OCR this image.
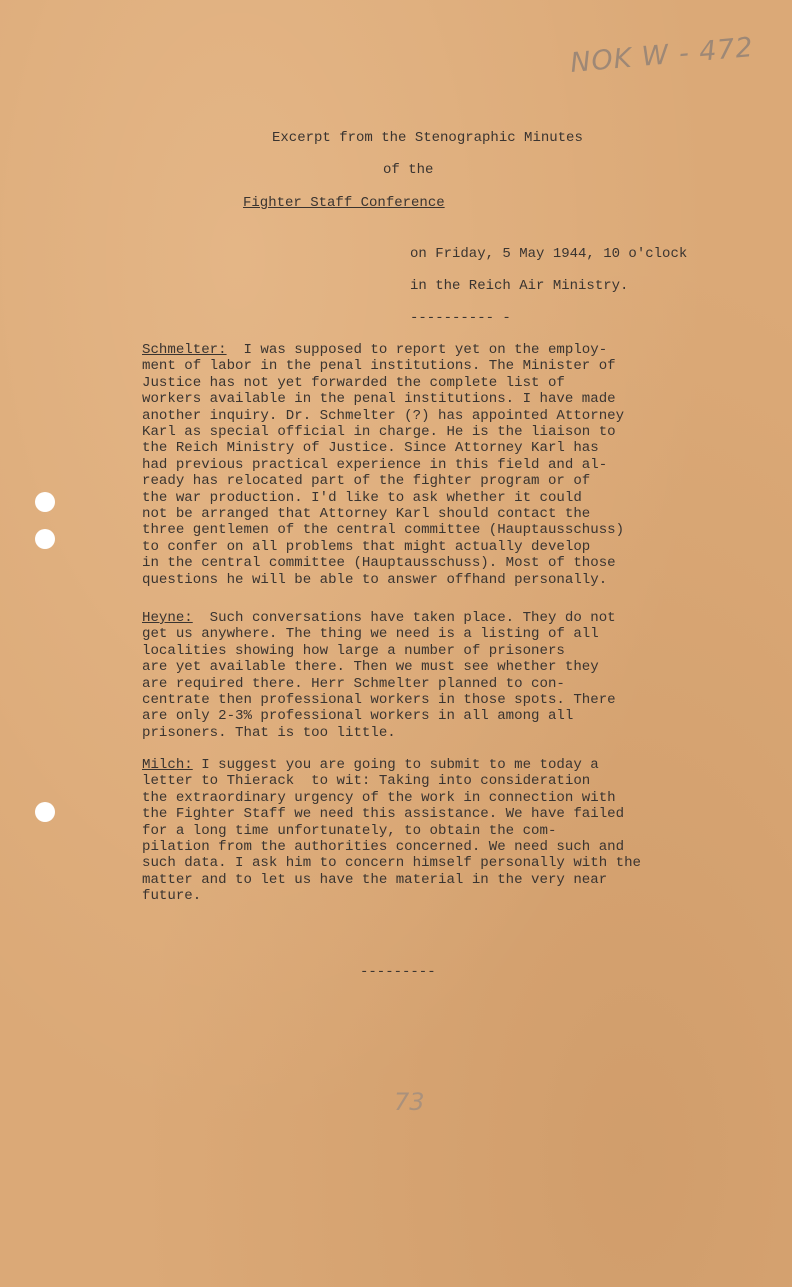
NOK W - 472
Excerpt from the Stenographic Minutes
of the
Fighter Staff Conference
on Friday, 5 May 1944, 10 o'clock
in the Reich Air Ministry.
---------- -
Schmelter:  I was supposed to report yet on the employ-
ment of labor in the penal institutions. The Minister of
Justice has not yet forwarded the complete list of
workers available in the penal institutions. I have made
another inquiry. Dr. Schmelter (?) has appointed Attorney
Karl as special official in charge. He is the liaison to
the Reich Ministry of Justice. Since Attorney Karl has
had previous practical experience in this field and al-
ready has relocated part of the fighter program or of
the war production. I'd like to ask whether it could
not be arranged that Attorney Karl should contact the
three gentlemen of the central committee (Hauptausschuss)
to confer on all problems that might actually develop
in the central committee (Hauptausschuss). Most of those
questions he will be able to answer offhand personally.
Heyne:  Such conversations have taken place. They do not
get us anywhere. The thing we need is a listing of all
localities showing how large a number of prisoners
are yet available there. Then we must see whether they
are required there. Herr Schmelter planned to con-
centrate then professional workers in those spots. There
are only 2-3% professional workers in all among all
prisoners. That is too little.
Milch: I suggest you are going to submit to me today a
letter to Thierack  to wit: Taking into consideration
the extraordinary urgency of the work in connection with
the Fighter Staff we need this assistance. We have failed
for a long time unfortunately, to obtain the com-
pilation from the authorities concerned. We need such and
such data. I ask him to concern himself personally with the
matter and to let us have the material in the very near
future.
---------
73
